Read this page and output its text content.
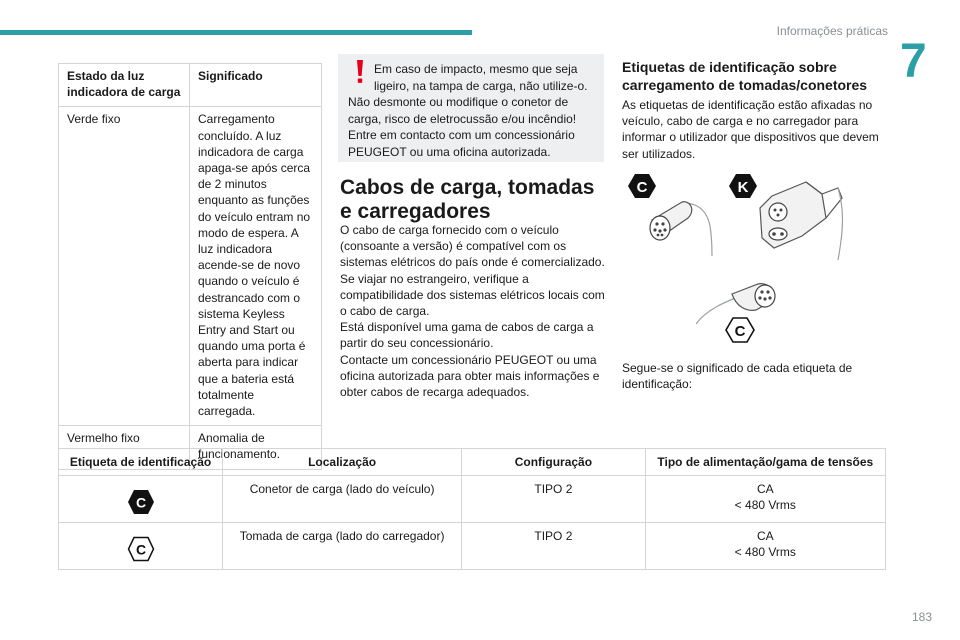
Informações práticas
7
Estado da luz indicadora de carga	Significado
Verde fixo	Carregamento concluído. A luz indicadora de carga apaga-se após cerca de 2 minutos enquanto as funções do veículo entram no modo de espera. A luz indicadora acende-se de novo quando o veículo é destrancado com o sistema Keyless Entry and Start ou quando uma porta é aberta para indicar que a bateria está totalmente carregada.
Vermelho fixo	Anomalia de funcionamento.
Em caso de impacto, mesmo que seja ligeiro, na tampa de carga, não utilize-o.

Não desmonte ou modifique o conetor de carga, risco de eletrocussão e/ou incêndio!

Entre em contacto com um concessionário PEUGEOT ou uma oficina autorizada.

Cabos de carga, tomadas e carregadores

O cabo de carga fornecido com o veículo (consoante a versão) é compatível com os sistemas elétricos do país onde é comercializado. Se viajar no estrangeiro, verifique a compatibilidade dos sistemas elétricos locais com o cabo de carga.

Está disponível uma gama de cabos de carga a partir do seu concessionário.

Contacte um concessionário PEUGEOT ou uma oficina autorizada para obter mais informações e obter cabos de recarga adequados.

Etiquetas de identificação sobre carregamento de tomadas/conetores

As etiquetas de identificação estão afixadas no veículo, cabo de carga e no carregador para informar o utilizador que dispositivos que devem ser utilizados.

C	K
C

Segue-se o significado de cada etiqueta de identificação:

Etiqueta de identificação	Localização	Configuração	Tipo de alimentação/gama de tensões

C	Conetor de carga (lado do veículo)	TIPO 2	CA
< 480 Vrms

C	Tomada de carga (lado do carregador)	TIPO 2	CA
< 480 Vrms
183
